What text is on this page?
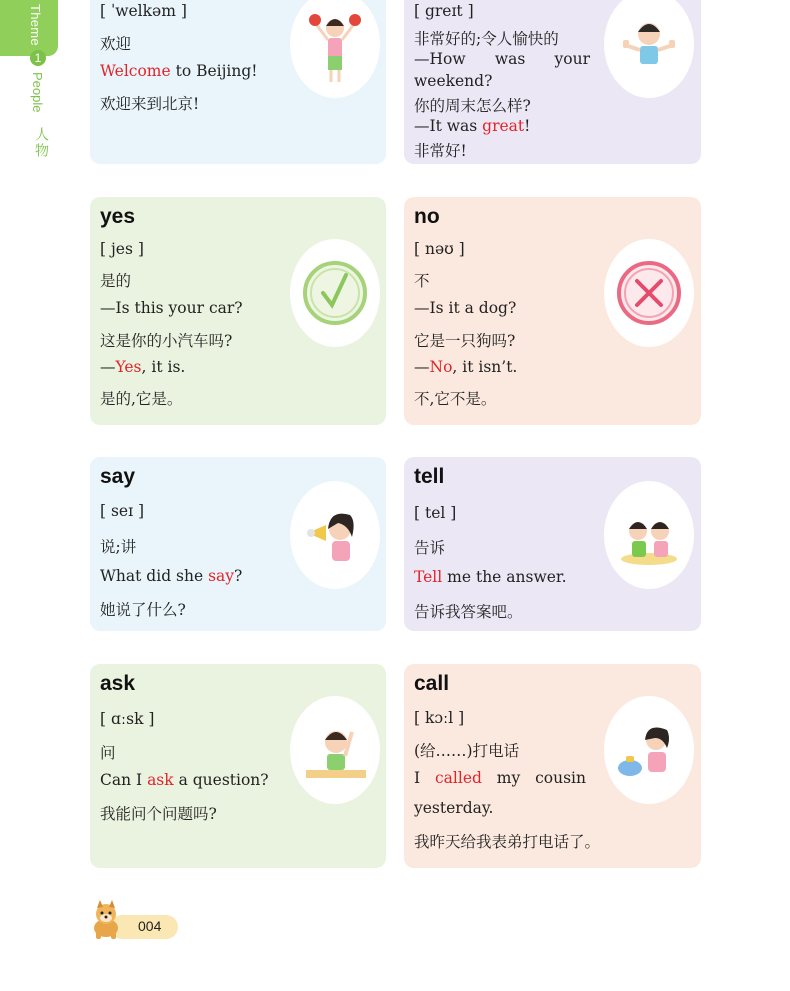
Theme
1
People
人物
[ ˈwelkəm ]
欢迎
Welcome to Beijing!
欢迎来到北京!
[ greɪt ]
非常好的;令人愉快的
—How was your
weekend?
你的周末怎么样?
—It was great!
非常好!
yes
[ jes ]
是的
—Is this your car?
这是你的小汽车吗?
—Yes, it is.
是的,它是。
no
[ nəʊ ]
不
—Is it a dog?
它是一只狗吗?
—No, it isn’t.
不,它不是。
say
[ seɪ ]
说;讲
What did she say?
她说了什么?
tell
[ tel ]
告诉
Tell me the answer.
告诉我答案吧。
ask
[ ɑːsk ]
问
Can I ask a question?
我能问个问题吗?
call
[ kɔːl ]
(给……)打电话
I called my cousin
yesterday.
我昨天给我表弟打电话了。
004
